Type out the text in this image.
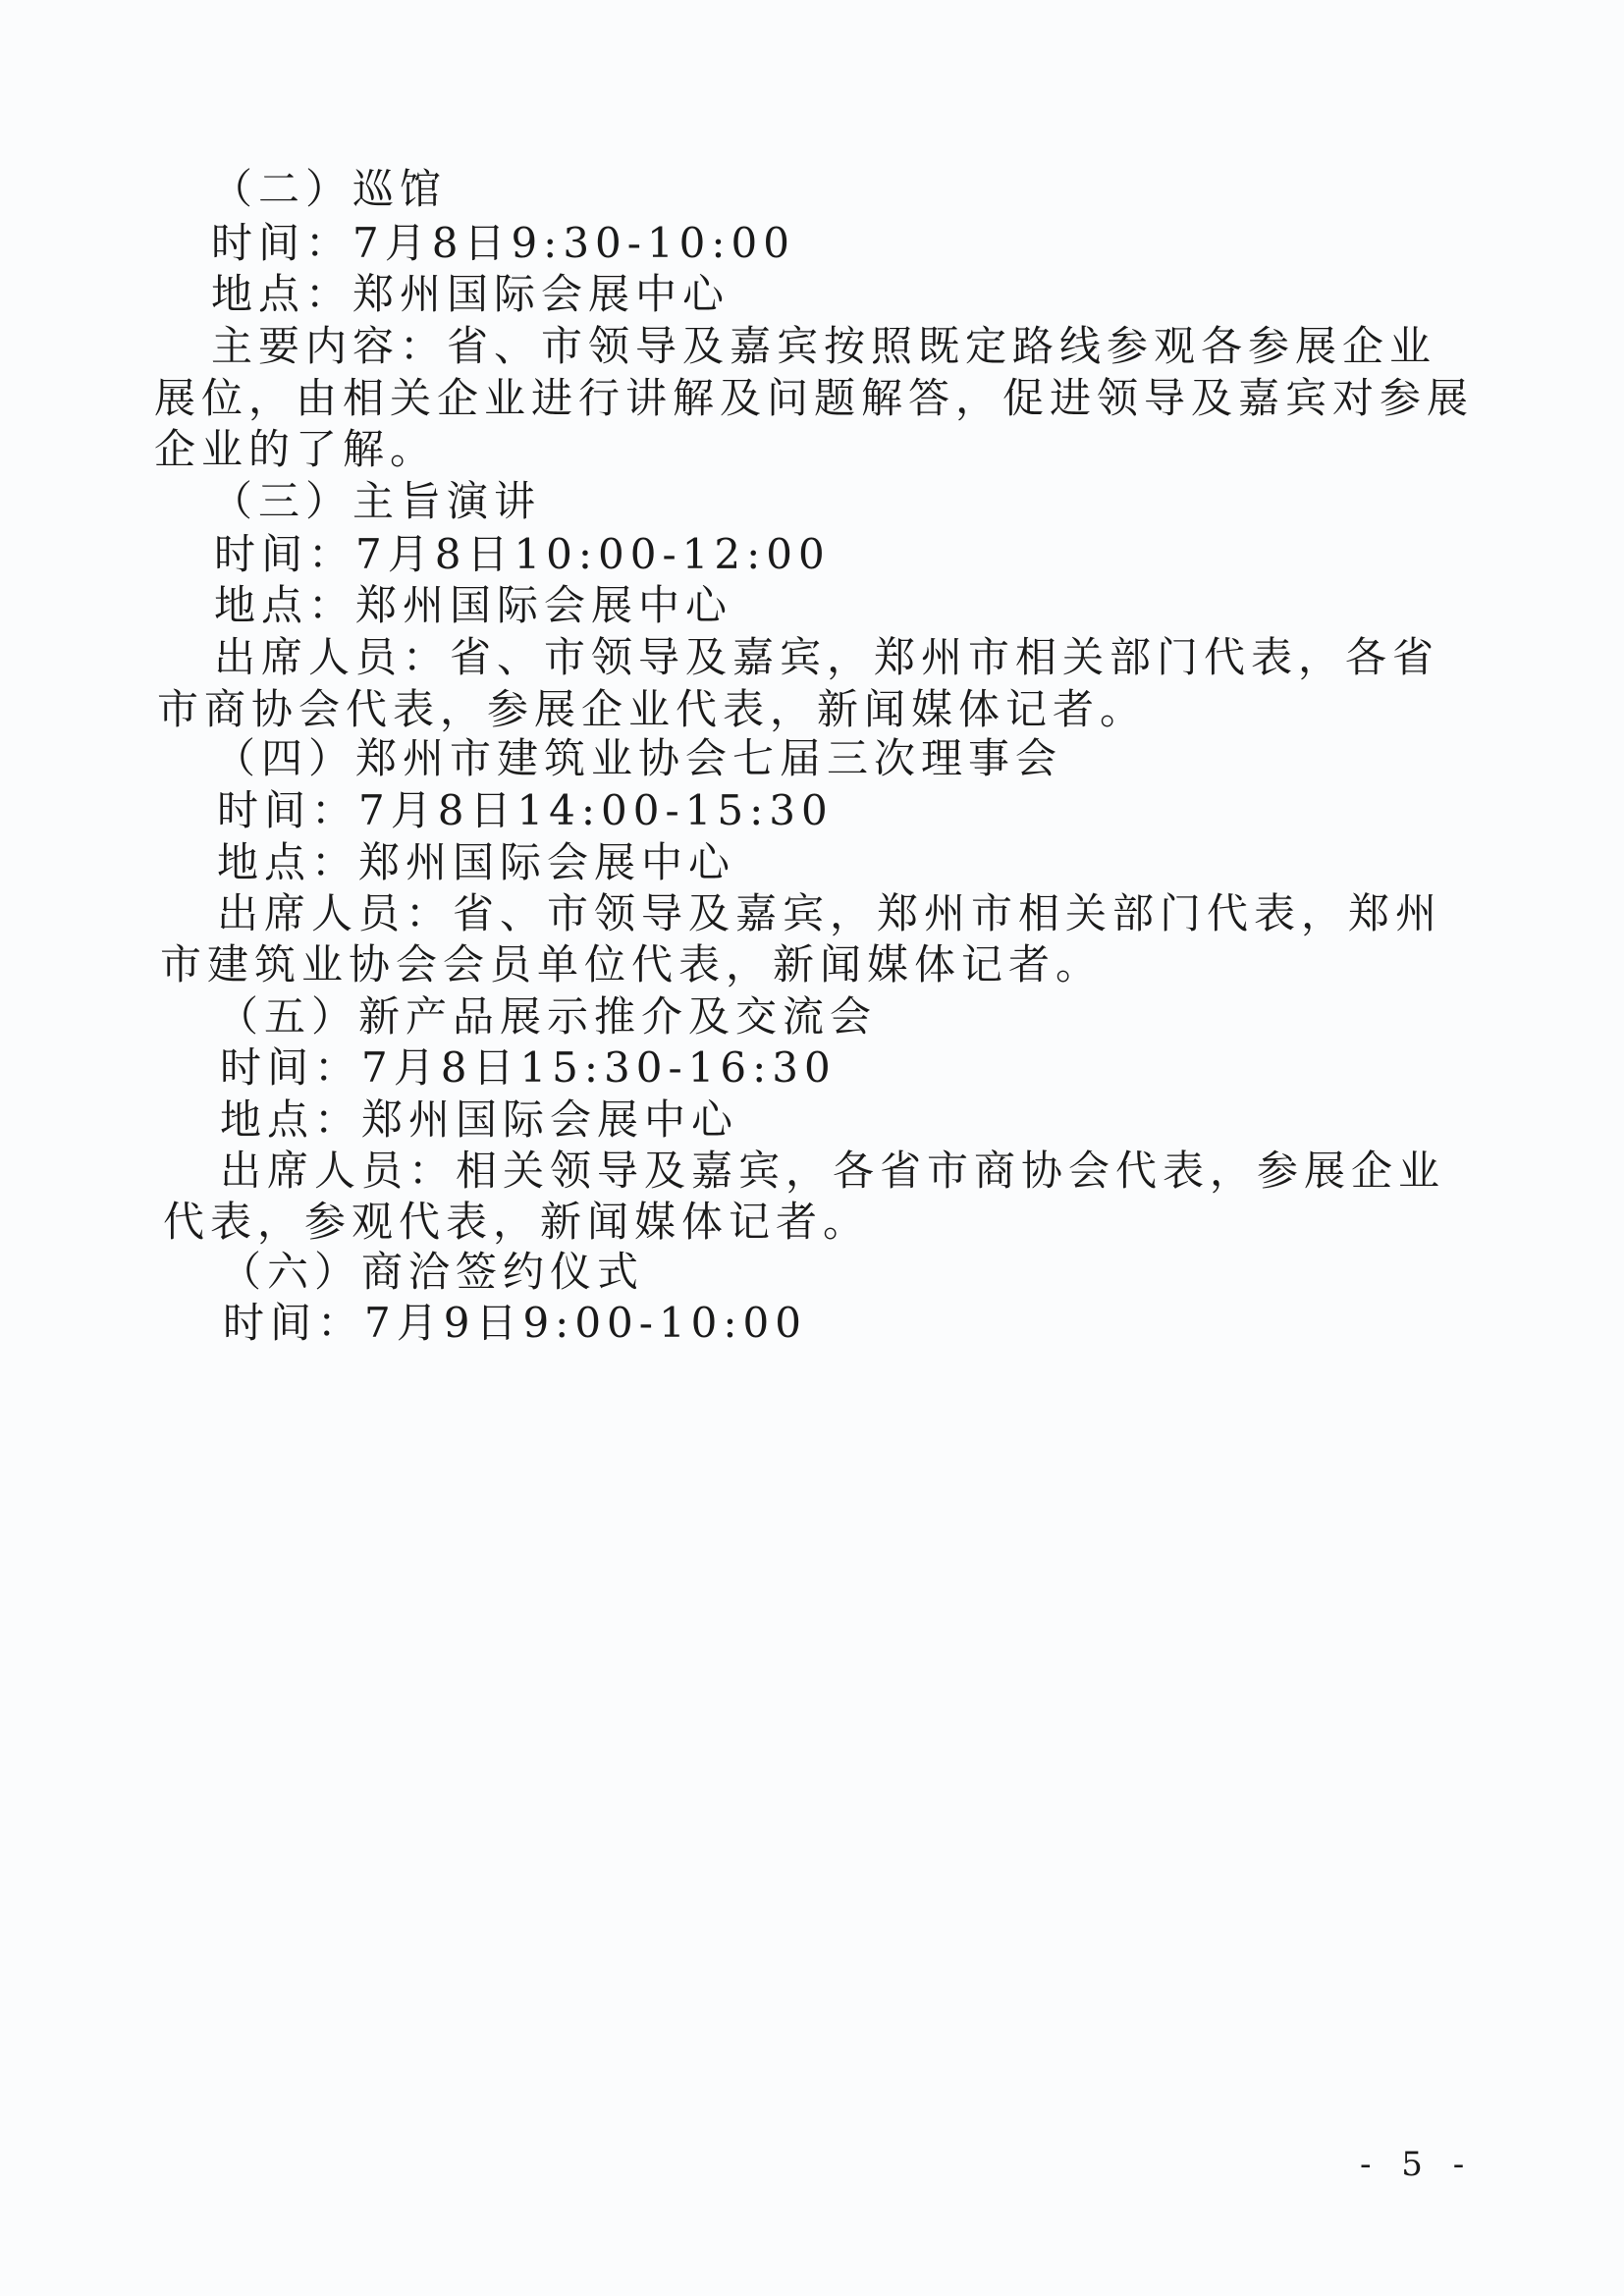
（二）巡馆
时间：7月8日9:30-10:00
地点：郑州国际会展中心
主要内容：省、市领导及嘉宾按照既定路线参观各参展企业
展位，由相关企业进行讲解及问题解答，促进领导及嘉宾对参展
企业的了解。
（三）主旨演讲
时间：7月8日10:00-12:00
地点：郑州国际会展中心
出席人员：省、市领导及嘉宾，郑州市相关部门代表，各省
市商协会代表，参展企业代表，新闻媒体记者。
（四）郑州市建筑业协会七届三次理事会
时间：7月8日14:00-15:30
地点：郑州国际会展中心
出席人员：省、市领导及嘉宾，郑州市相关部门代表，郑州
市建筑业协会会员单位代表，新闻媒体记者。
（五）新产品展示推介及交流会
时间：7月8日15:30-16:30
地点：郑州国际会展中心
出席人员：相关领导及嘉宾，各省市商协会代表，参展企业
代表，参观代表，新闻媒体记者。
（六）商洽签约仪式
时间：7月9日9:00-10:00
- 5 -
